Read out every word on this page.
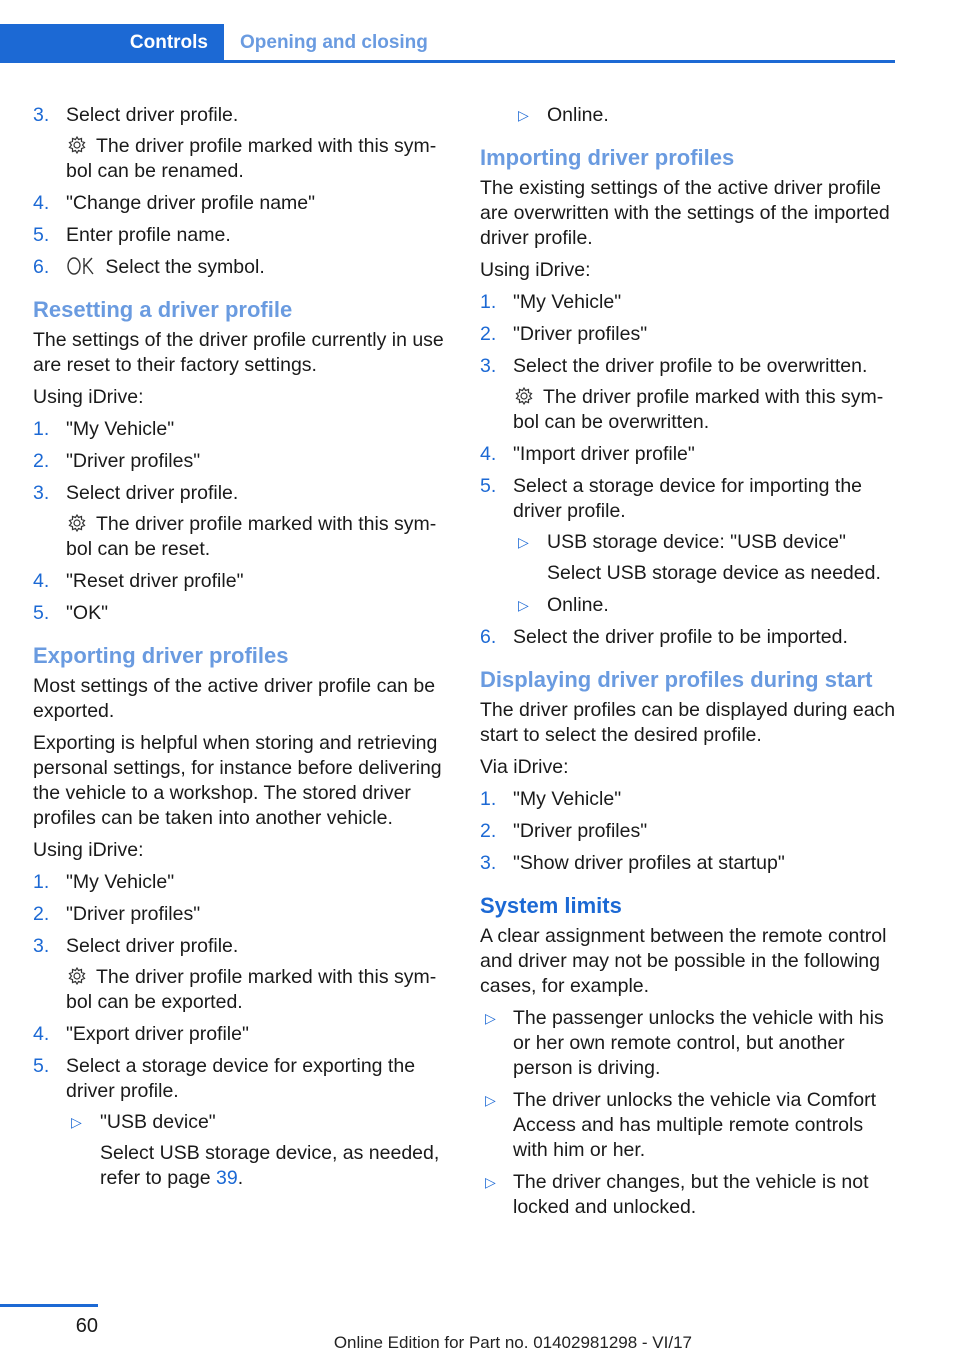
Controls	Opening and closing
3. Select driver profile.
The driver profile marked with this symbol can be renamed.
4. "Change driver profile name"
5. Enter profile name.
6.	Select the symbol.
Resetting a driver profile

The settings of the driver profile currently in use are reset to their factory settings.

Using iDrive:

1. "My Vehicle"
2. "Driver profiles"
3. Select driver profile.
The driver profile marked with this symbol can be reset.
4. "Reset driver profile"
5. "OK"
Exporting driver profiles

Most settings of the active driver profile can be exported.

Exporting is helpful when storing and retrieving personal settings, for instance before delivering the vehicle to a workshop. The stored driver profiles can be taken into another vehicle.

Using iDrive:

1. "My Vehicle"
2. "Driver profiles"
3. Select driver profile.
The driver profile marked with this symbol can be exported.
4. "Export driver profile"
5. Select a storage device for exporting the driver profile.
▷ "USB device"
Select USB storage device, as needed, refer to page 39.
▷ Online.
Importing driver profiles

The existing settings of the active driver profile are overwritten with the settings of the imported driver profile.

Using iDrive:

1. "My Vehicle"
2. "Driver profiles"
3. Select the driver profile to be overwritten.
The driver profile marked with this symbol can be overwritten.
4. "Import driver profile"
5. Select a storage device for importing the driver profile.
▷ USB storage device: "USB device"
Select USB storage device as needed.
▷ Online.
6. Select the driver profile to be imported.
Displaying driver profiles during start

The driver profiles can be displayed during each start to select the desired profile.

Via iDrive:

1. "My Vehicle"
2. "Driver profiles"
3. "Show driver profiles at startup"
System limits

A clear assignment between the remote control and driver may not be possible in the following cases, for example.

▷ The passenger unlocks the vehicle with his or her own remote control, but another person is driving.
▷ The driver unlocks the vehicle via Comfort Access and has multiple remote controls with him or her.
▷ The driver changes, but the vehicle is not locked and unlocked.
60
Online Edition for Part no. 01402981298 - VI/17
